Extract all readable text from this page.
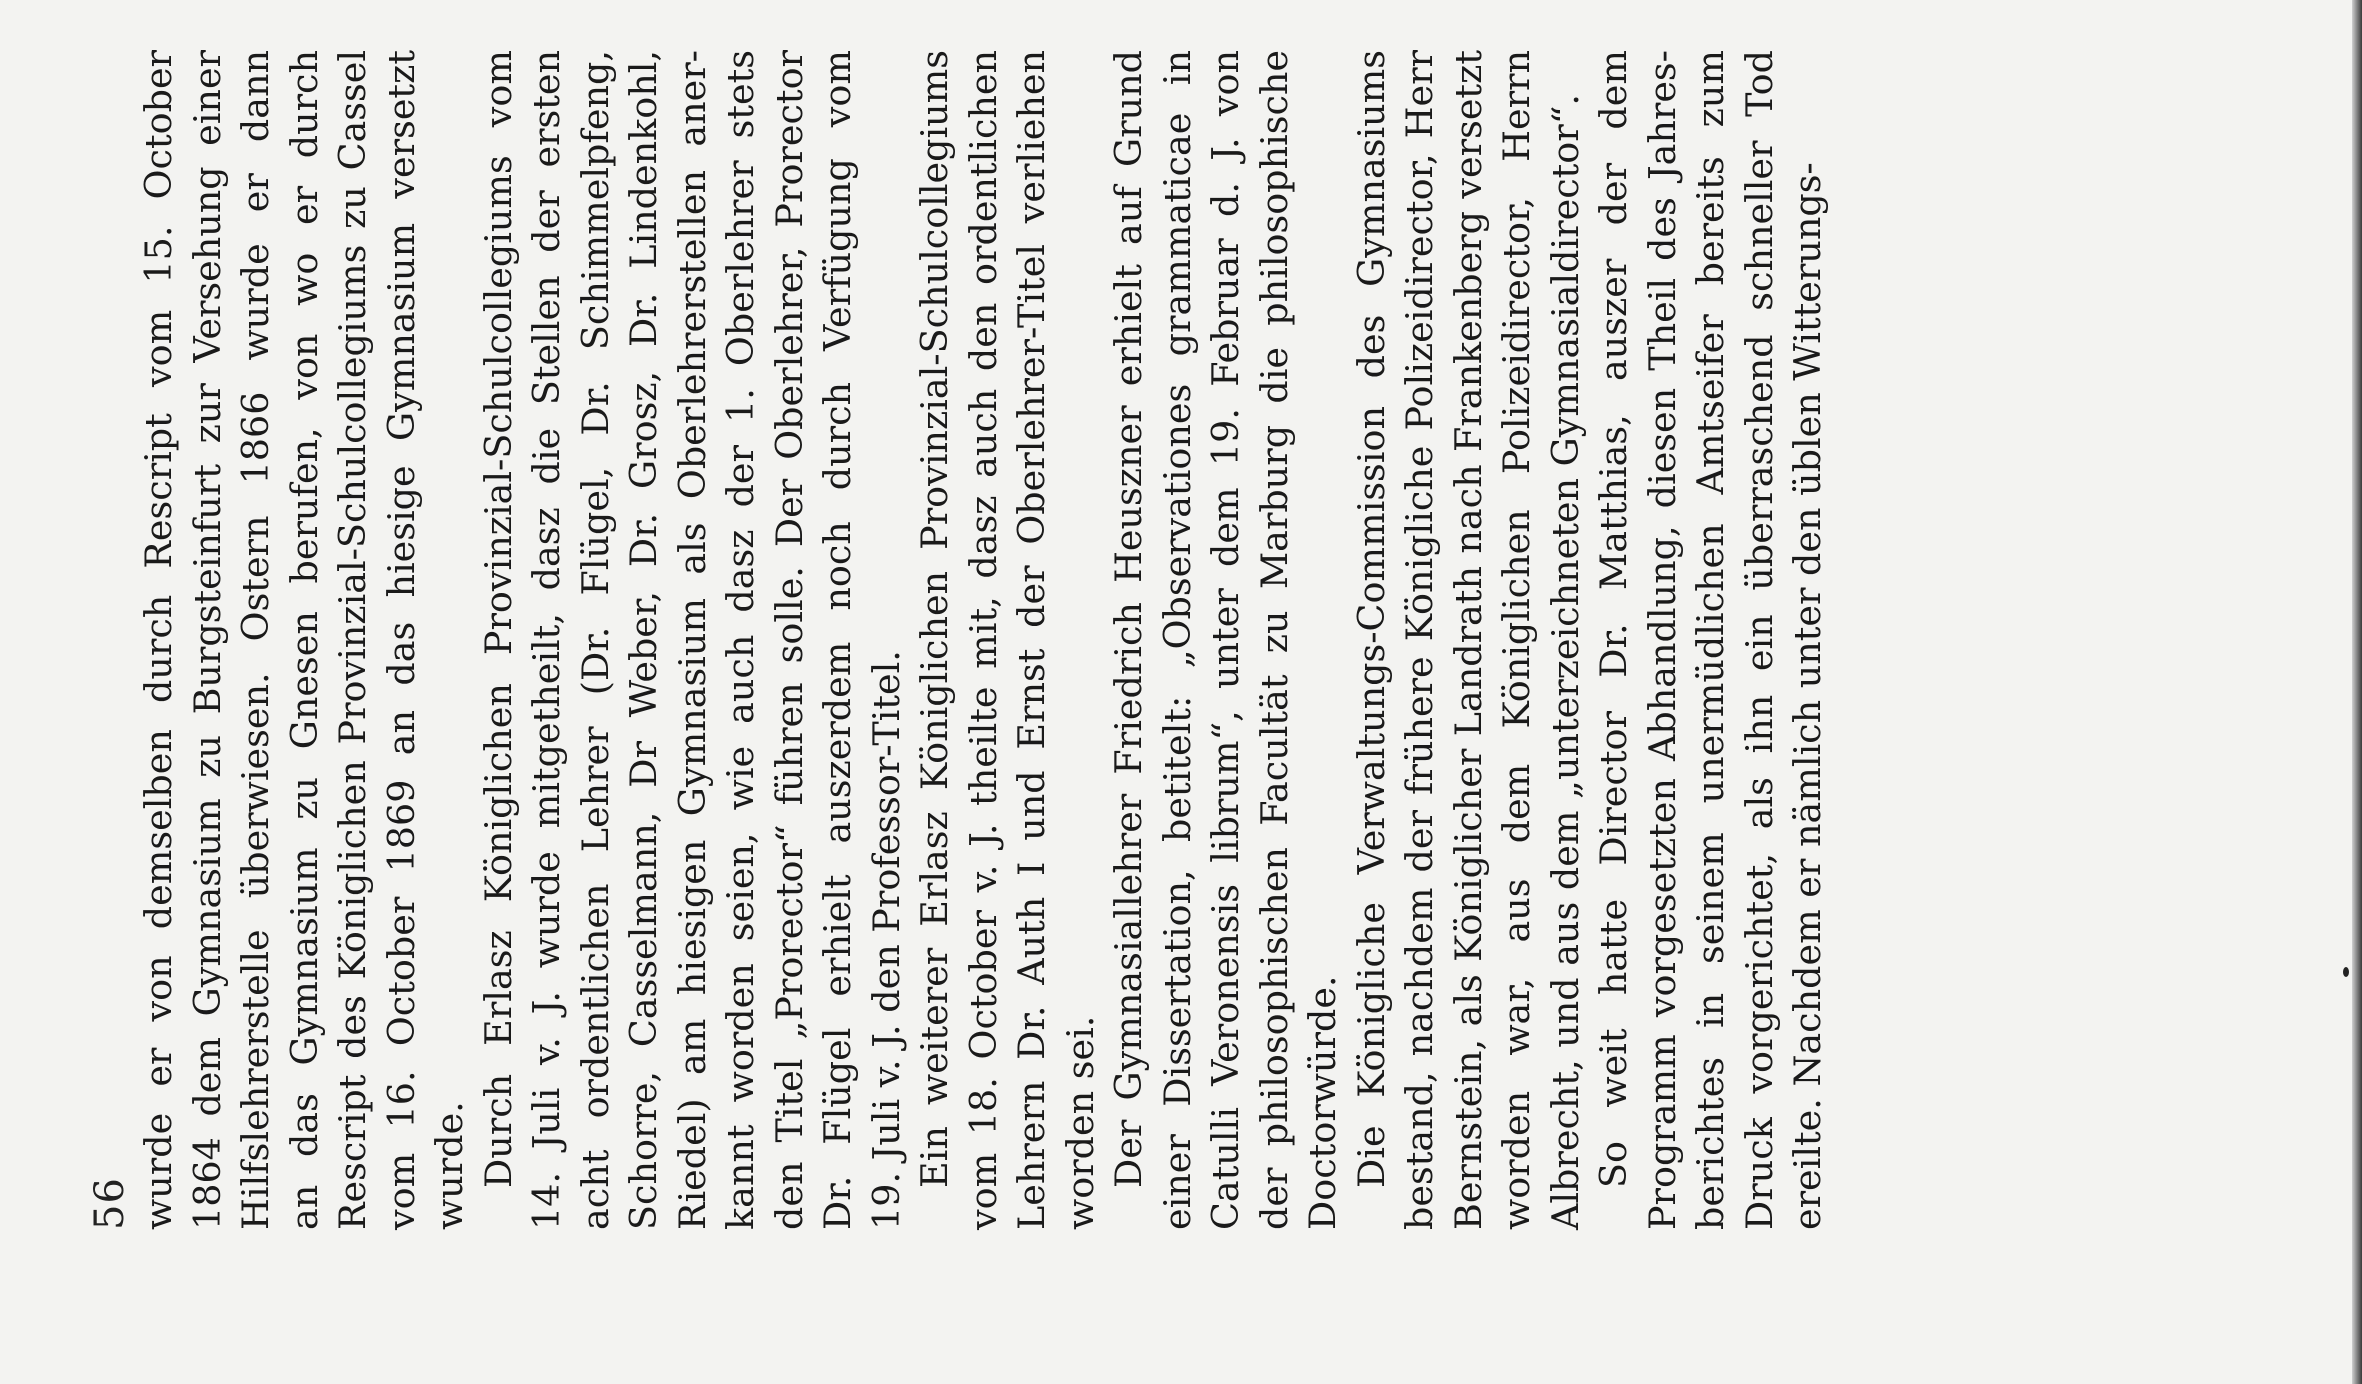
56 wurde er von demselben durch Rescript vom 15. October 1864 dem Gymnasium zu Burgsteinfurt zur Versehung einer Hilfslehrerstelle überwiesen. Ostern 1866 wurde er dann an das Gymnasium zu Gnesen berufen, von wo er durch Rescript des Königlichen Provinzial-Schulcollegiums zu Cassel vom 16. October 1869 an das hiesige Gymnasium versetzt wurde. Durch Erlasz Königlichen Provinzial-Schulcollegiums vom 14. Juli v. J. wurde mitgetheilt, dasz die Stellen der ersten acht ordentlichen Lehrer (Dr. Flügel, Dr. Schimmelpfeng, Schorre, Casselmann, Dr Weber, Dr. Grosz, Dr. Lindenkohl, Riedel) am hiesigen Gymnasium als Oberlehrerstellen aner- kannt worden seien, wie auch dasz der 1. Oberlehrer stets den Titel „Prorector“ führen solle. Der Oberlehrer, Prorector Dr. Flügel erhielt auszerdem noch durch Verfügung vom 19. Juli v. J. den Professor-Titel. Ein weiterer Erlasz Königlichen Provinzial-Schulcollegiums vom 18. October v. J. theilte mit, dasz auch den ordentlichen Lehrern Dr. Auth I und Ernst der Oberlehrer-Titel verliehen worden sei. Der Gymnasiallehrer Friedrich Heuszner erhielt auf Grund einer Dissertation, betitelt: „Observationes grammaticae in Catulli Veronensis librum“, unter dem 19. Februar d. J. von der philosophischen Facultät zu Marburg die philosophische Doctorwürde. Die Königliche Verwaltungs-Commission des Gymnasiums bestand, nachdem der frühere Königliche Polizeidirector, Herr Bernstein, als Königlicher Landrath nach Frankenberg versetzt worden war, aus dem Königlichen Polizeidirector, Herrn Albrecht, und aus dem „unterzeichneten Gymnasialdirector“. So weit hatte Director Dr. Matthias, auszer der dem Programm vorgesetzten Abhandlung, diesen Theil des Jahres- berichtes in seinem unermüdlichen Amtseifer bereits zum Druck vorgerichtet, als ihn ein überraschend schneller Tod ereilte. Nachdem er nämlich unter den üblen Witterungs-
